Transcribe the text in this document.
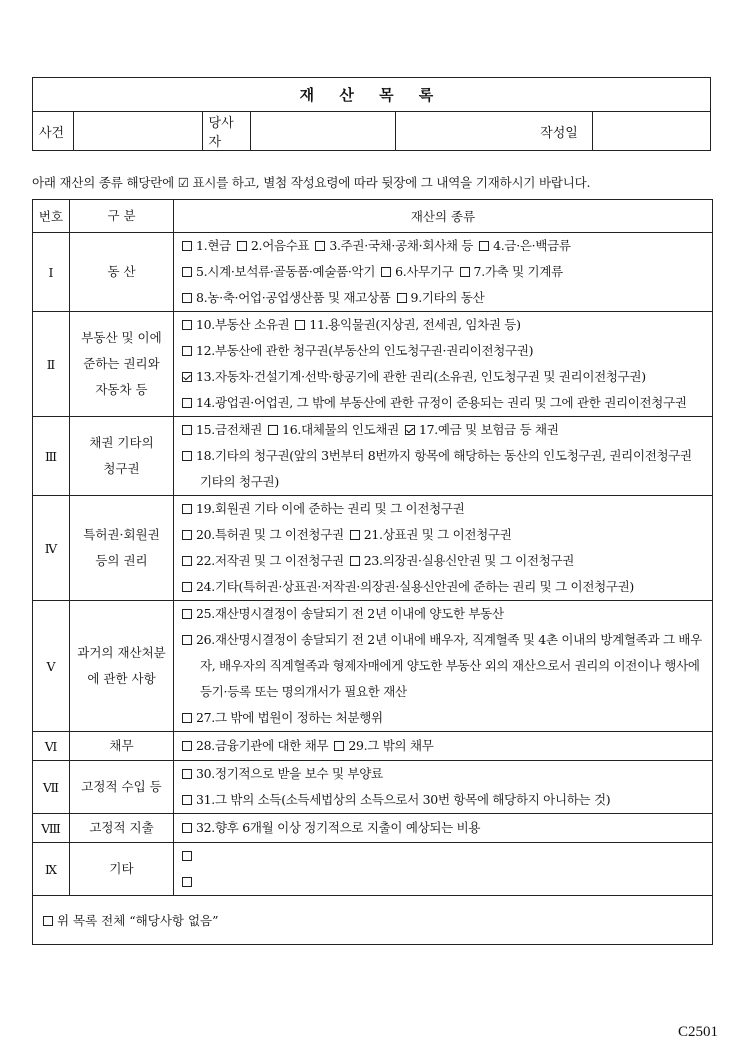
재 산 목 록
사건		당사자		작성일	
아래 재산의 종류 해당란에 ☑ 표시를 하고, 별첨 작성요령에 따라 뒷장에 그 내역을 기재하시기 바랍니다.
번호	구 분	재산의 종류
Ⅰ	동 산	1.현금 2.어음수표 3.주권·국채·공채·회사채 등 4.금·은·백금류
5.시계·보석류·골동품·예술품·악기 6.사무기구 7.가축 및 기계류
8.농·축·어업·공업생산품 및 재고상품 9.기타의 동산

Ⅱ	부동산 및 이에 준하는 권리와 자동차 등	10.부동산 소유권 11.용익물권(지상권, 전세권, 임차권 등)
12.부동산에 관한 청구권(부동산의 인도청구권·권리이전청구권)
13.자동차·건설기계·선박·항공기에 관한 권리(소유권, 인도청구권 및 권리이전청구권)
14.광업권·어업권, 그 밖에 부동산에 관한 규정이 준용되는 권리 및 그에 관한 권리이전청구권

Ⅲ	채권 기타의 청구권	15.금전채권 16.대체물의 인도채권 17.예금 및 보험금 등 채권
18.기타의 청구권(앞의 3번부터 8번까지 항목에 해당하는 동산의 인도청구권, 권리이전청구권 기타의 청구권)

Ⅳ	특허권·회원권 등의 권리	19.회원권 기타 이에 준하는 권리 및 그 이전청구권
20.특허권 및 그 이전청구권 21.상표권 및 그 이전청구권
22.저작권 및 그 이전청구권 23.의장권·실용신안권 및 그 이전청구권
24.기타(특허권·상표권·저작권·의장권·실용신안권에 준하는 권리 및 그 이전청구권)

Ⅴ	과거의 재산처분에 관한 사항	25.재산명시결정이 송달되기 전 2년 이내에 양도한 부동산
26.재산명시결정이 송달되기 전 2년 이내에 배우자, 직계혈족 및 4촌 이내의 방계혈족과 그 배우자, 배우자의 직계혈족과 형제자매에게 양도한 부동산 외의 재산으로서 권리의 이전이나 행사에 등기·등록 또는 명의개서가 필요한 재산
27.그 밖에 법원이 정하는 처분행위

Ⅵ	채무	28.금융기관에 대한 채무 29.그 밖의 채무

Ⅶ	고정적 수입 등	30.정기적으로 받을 보수 및 부양료
31.그 밖의 소득(소득세법상의 소득으로서 30번 항목에 해당하지 아니하는 것)

Ⅷ	고정적 지출	32.향후 6개월 이상 정기적으로 지출이 예상되는 비용

Ⅸ	기타	

위 목록 전체 “해당사항 없음”		
C2501
